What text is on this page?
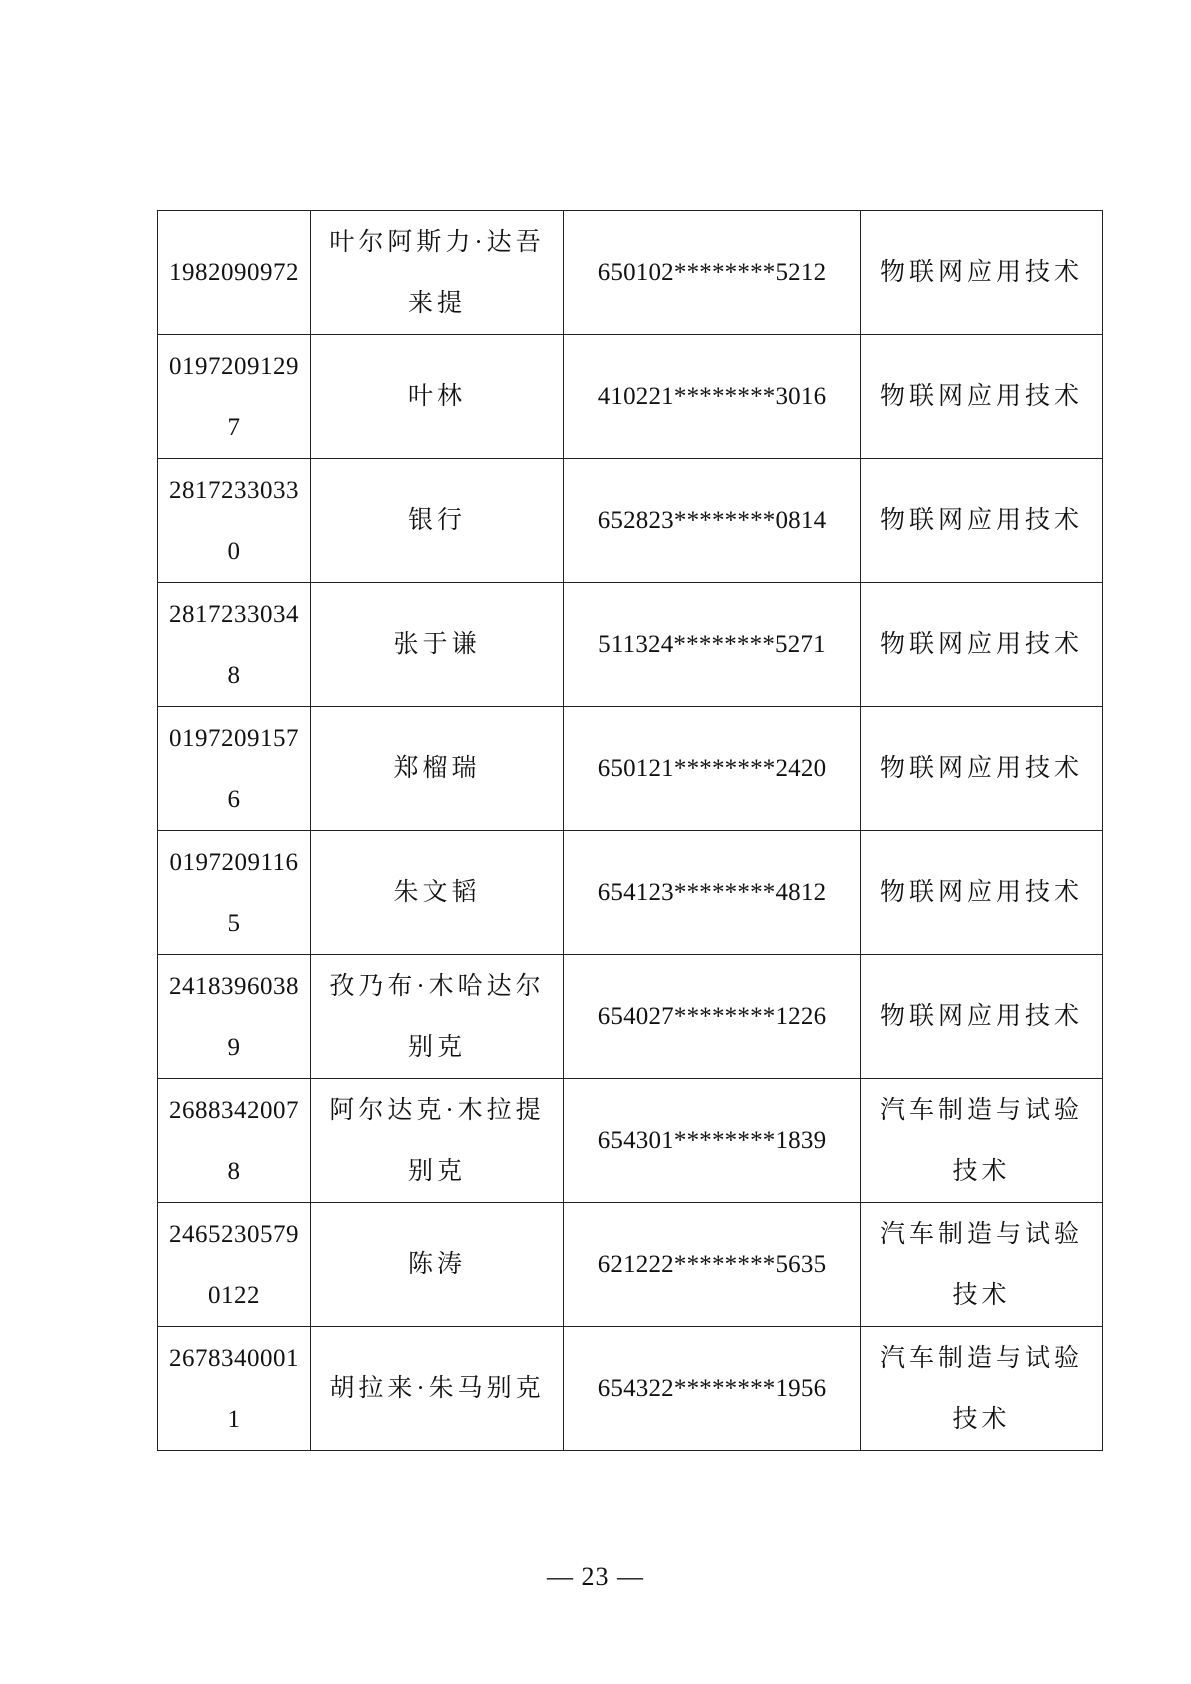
1982090972	叶尔阿斯力·达吾来提	650102********5212	物联网应用技术
01972091297	叶林	410221********3016	物联网应用技术
28172330330	银行	652823********0814	物联网应用技术
28172330348	张于谦	511324********5271	物联网应用技术
01972091576	郑榴瑞	650121********2420	物联网应用技术
01972091165	朱文韬	654123********4812	物联网应用技术
24183960389	孜乃布·木哈达尔别克	654027********1226	物联网应用技术
26883420078	阿尔达克·木拉提别克	654301********1839	汽车制造与试验技术
24652305790122	陈涛	621222********5635	汽车制造与试验技术
26783400011	胡拉来·朱马别克	654322********1956	汽车制造与试验技术
— 23 —
